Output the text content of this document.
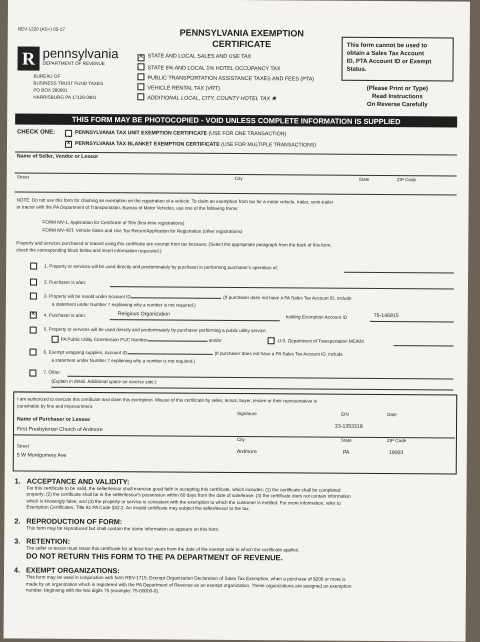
REV-1220 (AS+) 05-17
R pennsylvania
DEPARTMENT OF REVENUE
BUREAU OF
BUSINESS TRUST FUND TAXES
PO BOX 280901
HARRISBURG PA 17128-0901
PENNSYLVANIA EXEMPTION
CERTIFICATE
✕ STATE AND LOCAL SALES AND USE TAX
STATE 6% AND LOCAL 1% HOTEL OCCUPANCY TAX
PUBLIC TRANSPORTATION ASSISTANCE TAXES AND FEES (PTA)
VEHICLE RENTAL TAX (VRT)
ADDITIONAL LOCAL, CITY, COUNTY HOTEL TAX ✱
This form cannot be used to
obtain a Sales Tax Account
ID, PTA Account ID or Exempt
Status.
(Please Print or Type)
Read Instructions
On Reverse Carefully
THIS FORM MAY BE PHOTOCOPIED - VOID UNLESS COMPLETE INFORMATION IS SUPPLIED
CHECK ONE:	PENNSYLVANIA TAX UNIT EXEMPTION CERTIFICATE (USE FOR ONE TRANSACTION)
✕ PENNSYLVANIA TAX BLANKET EXEMPTION CERTIFICATE (USE FOR MULTIPLE TRANSACTIONS)
Name of Seller, Vendor or Lessor
Street	City	State	ZIP Code
NOTE: Do not use this form for claiming an exemption on the registration of a vehicle. To claim an exemption from tax for a motor vehicle, trailer, semi-trailer
or tractor with the PA Department of Transportation, Bureau of Motor Vehicles, use one of the following forms:
FORM MV-1, Application for Certificate of Title (first-time registrations)
FORM MV-4ST, Vehicle Sales and Use Tax Return/Application for Registration (other registrations)
Property and services purchased or leased using this certificate are exempt from tax because: (Select the appropriate paragraph from the back of this form,
check the corresponding block below and insert information requested.)
1. Property or services will be used directly and predominately by purchaser in performing purchaser's operation of:
2. Purchaser is a/an:
3. Property will be resold under Account ID	. (If purchaser does not have a PA Sales Tax Account ID, include
a statement under Number 7 explaining why a number is not required.)
✕ 4. Purchaser is a/an:	Religious Organization	holding Exemption Account ID	75-146815
5. Property or services will be used directly and predominately by purchaser performing a public utility service.
PA Public Utility Commission PUC Number	and/or	U.S. Department of Transportation MC/MX
6. Exempt wrapping supplies, Account ID	. (If purchaser does not have a PA Sales Tax Account ID, include
a statement under Number 7 explaining why a number is not required.)
7. Other
(Explain in detail. Additional space on reverse side.)
I am authorized to execute this certificate and claim this exemption. Misuse of this certificate by seller, lessor, buyer, lessee or their representative is
punishable by fine and imprisonment.
Signature	EIN	Date
Name of Purchaser or Lessee
23-1353318
First Presbyterian Church of Ardmore
City	State	ZIP Code
Street
Ardmore	PA	19003
5 W Montgomery Ave
1. ACCEPTANCE AND VALIDITY:
For this certificate to be valid, the seller/lessor shall exercise good faith in accepting this certificate, which includes: (1) the certificate shall be completed
properly; (2) the certificate shall be in the seller/lessor's possession within 60 days from the date of sale/lease; (3) the certificate does not contain information
which is knowingly false; and (4) the property or service is consistent with the exemption to which the customer is entitled. For more information, refer to
Exemption Certificates, Title 61 PA Code §32.2. An invalid certificate may subject the seller/lessor to the tax.
2. REPRODUCTION OF FORM:
This form may be reproduced but shall contain the same information as appears on this form.
3. RETENTION:
The seller or lessor must retain this certificate for at least four years from the date of the exempt sale to which the certificate applies.
DO NOT RETURN THIS FORM TO THE PA DEPARTMENT OF REVENUE.
4. EXEMPT ORGANIZATIONS:
This form may be used in conjunction with form REV-1715, Exempt Organization Declaration of Sales Tax Exemption, when a purchase of $200 or more is
made by an organization which is registered with the PA Department of Revenue as an exempt organization. These organizations are assigned an exemption
number, beginning with the two digits 75 (example: 75-00000-0).
